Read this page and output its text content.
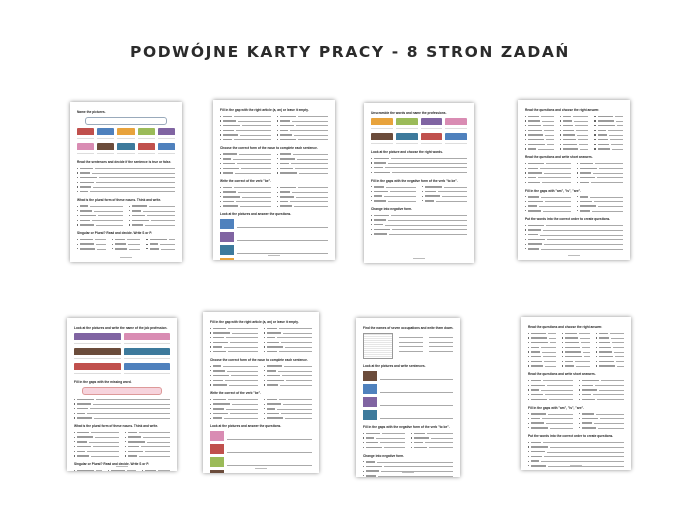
PODWÓJNE KARTY PRACY - 8 STRON ZADAŃ
Name the pictures.
Read the sentences and decide if the sentence is true or false.
What is the plural form of these nouns. Think and write.
Singular or Plural? Read and decide. Write S or P.
Fill in the gap with the right article (a, an) or leave it empty.
Choose the correct form of the noun to complete each sentence.
Write the correct of the verb "be".
Look at the pictures and answer the questions.
Unscramble the words and name the professions.
Look at the picture and choose the right words.
Fill in the gaps with the negative form of the verb "to be".
Change into negative form.
Read the questions and choose the right answer.
Read the questions and write short answers.
Fill in the gaps with "am", "is", "are".
Put the words into the correct order to create questions.
Look at the pictures and write the name of the job profession.
Fill in the gaps with the missing word.
What is the plural form of these nouns. Think and write.
Singular or Plural? Read and decide. Write S or P.
Fill in the gap with the right article (a, an) or leave it empty.
Choose the correct form of the noun to complete each sentence.
Write the correct of the verb "be".
Look at the pictures and answer the questions.
Find the names of seven occupations and write them down.
Look at the pictures and write sentences.
Fill in the gaps with the negative form of the verb "to be".
Change into negative form.
Read the questions and choose the right answer.
Read the questions and write short answers.
Fill in the gaps with "am", "is", "are".
Put the words into the correct order to create questions.
